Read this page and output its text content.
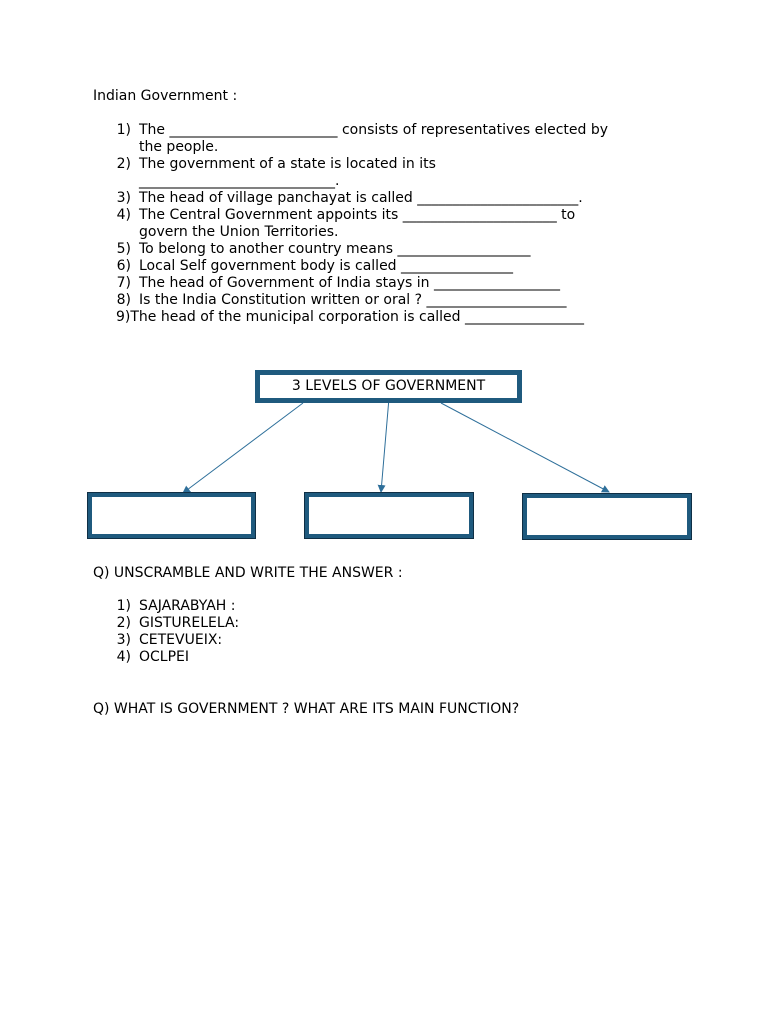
Indian Government :
1) The ________________________ consists of representatives elected by
the people.
2) The government of a state is located in its
____________________________.
3) The head of village panchayat is called _______________________.
4) The Central Government appoints its ______________________ to
govern the Union Territories.
5) To belong to another country means ___________________
6) Local Self government body is called ________________
7) The head of Government of India stays in __________________
8) Is the India Constitution written or oral ? ____________________
9)The head of the municipal corporation is called _________________
3 LEVELS OF GOVERNMENT
Q) UNSCRAMBLE AND WRITE THE ANSWER :
1) SAJARABYAH :
2) GISTURELELA:
3) CETEVUEIX:
4) OCLPEI
Q) WHAT IS GOVERNMENT ? WHAT ARE ITS MAIN FUNCTION?
